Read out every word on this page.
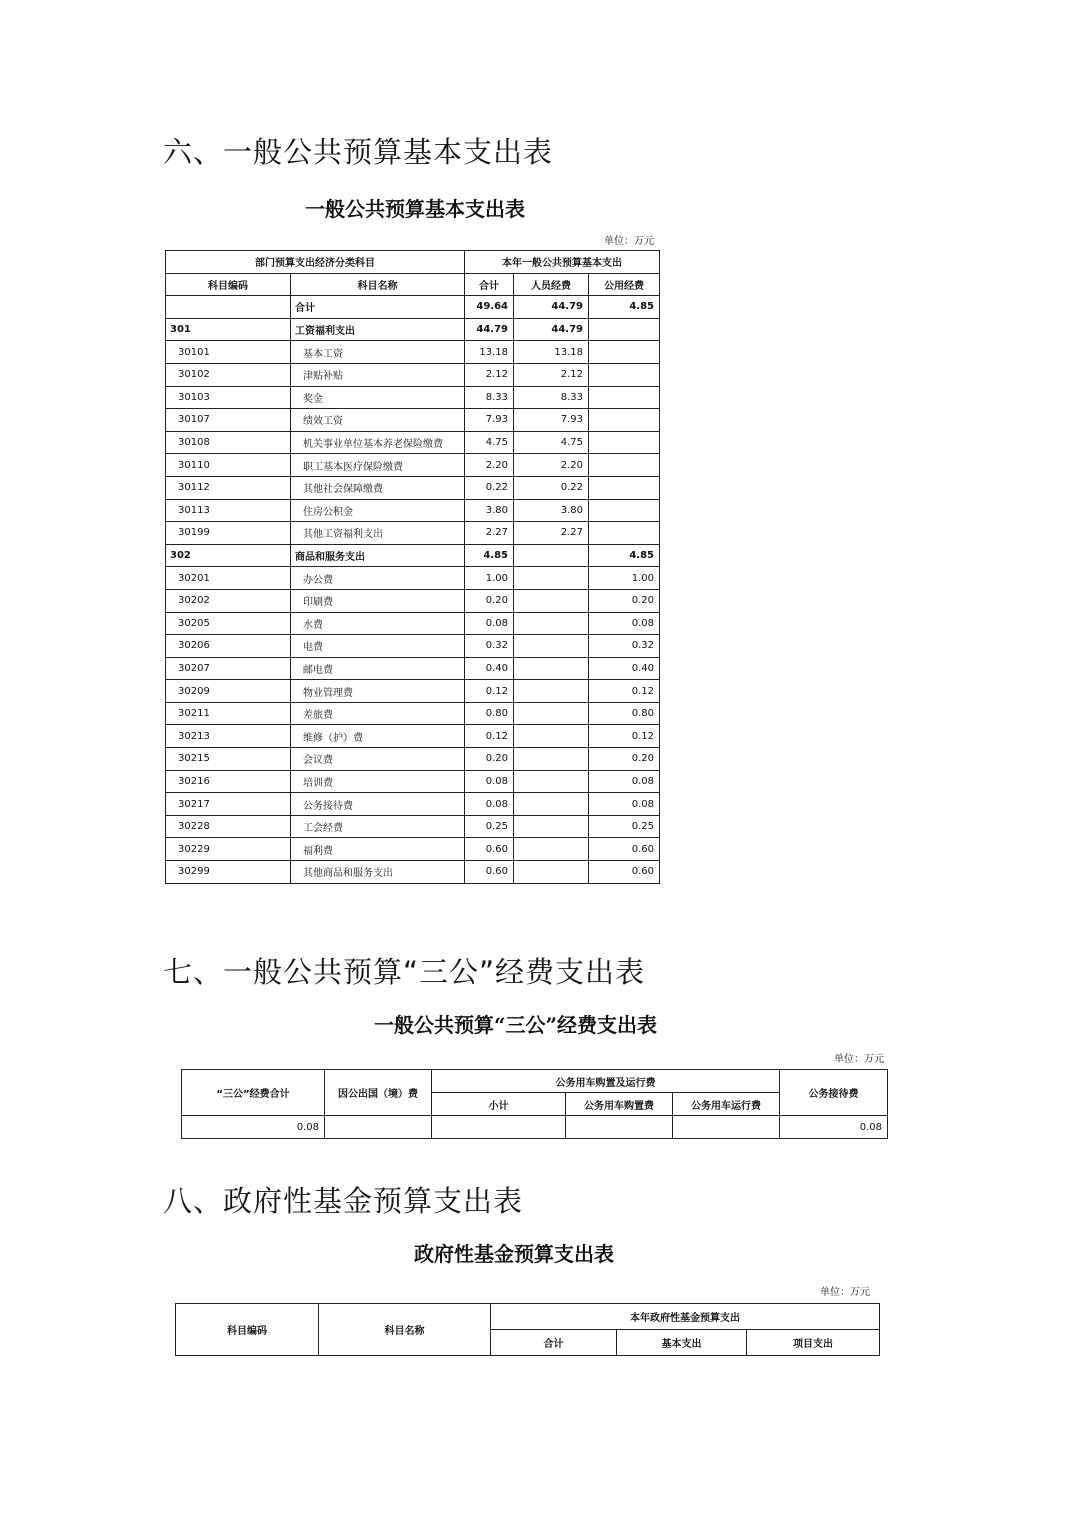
六、一般公共预算基本支出表
一般公共预算基本支出表
单位：万元
部门预算支出经济分类科目		本年一般公共预算基本支出		
科目编码	科目名称	合计	人员经费	公用经费
	合计	49.64	44.79	4.85
301	工资福利支出	44.79	44.79	
30101	基本工资	13.18	13.18	
30102	津贴补贴	2.12	2.12	
30103	奖金	8.33	8.33	
30107	绩效工资	7.93	7.93	
30108	机关事业单位基本养老保险缴费	4.75	4.75	
30110	职工基本医疗保险缴费	2.20	2.20	
30112	其他社会保障缴费	0.22	0.22	
30113	住房公积金	3.80	3.80	
30199	其他工资福利支出	2.27	2.27	
302	商品和服务支出	4.85		4.85
30201	办公费	1.00		1.00
30202	印刷费	0.20		0.20
30205	水费	0.08		0.08
30206	电费	0.32		0.32
30207	邮电费	0.40		0.40
30209	物业管理费	0.12		0.12
30211	差旅费	0.80		0.80
30213	维修（护）费	0.12		0.12
30215	会议费	0.20		0.20
30216	培训费	0.08		0.08
30217	公务接待费	0.08		0.08
30228	工会经费	0.25		0.25
30229	福利费	0.60		0.60
30299	其他商品和服务支出	0.60		0.60
七、一般公共预算“三公”经费支出表
一般公共预算“三公”经费支出表
单位：万元
“三公”经费合计	因公出国（境）费	公务用车购置及运行费			公务接待费
		小计	公务用车购置费	公务用车运行费	
0.08					0.08
八、政府性基金预算支出表
政府性基金预算支出表
单位：万元
科目编码	科目名称	本年政府性基金预算支出		
		合计	基本支出	项目支出
